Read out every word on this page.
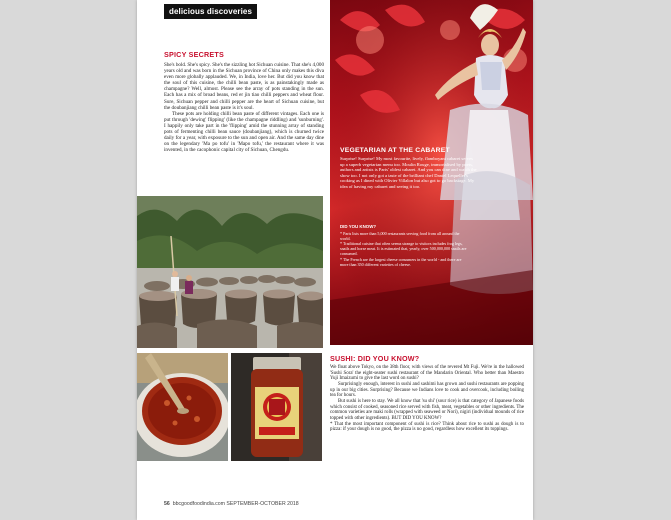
delicious discoveries
SPICY SECRETS

She's bold. She's spicy. She's the sizzling hot Sichuan cuisine. That she's 4,000 years old and was born in the Sichuan province of China only makes this diva even more globally applauded. We, in India, love her. But did you know that the soul of this cuisine, the chilli bean paste, is as painstakingly made as champagne? Well, almost. Please see the array of pots standing in the sun. Each has a mix of broad beans, red er jin tiao chilli peppers and wheat flour. Sure, Sichuan pepper and chilli pepper are the heart of Sichuan cuisine, but the doubanjiang chilli bean paste is it's soul.

These pots are holding chilli bean paste of different vintages. Each one is put through 'dewing' flipping' (like the champagne riddling) and 'sunburning'. I happily only take part in the 'flipping' amid the stunning array of standing pots of fermenting chilli bean sauce (doubanjiang), which is churned twice daily for a year, with exposure to the sun and open air. And the same day dine on the legendary 'Ma po tofu' in 'Mapo tofu,' the restaurant where it was invented, in the cacophonic capital city of Sichuan, Chengdu.	VEGETARIAN AT THE CABARET
Surprise! Surprise! My most favourite, lively, flamboyant cabaret serves up a superb vegetarian menu too. Moulin Rouge, immortalised by poets, authors and artists is Paris' oldest cabaret. And you can dine and watch the show too. I not only got a taste of the brilliant chef Daniel Lequeller's cooking as I dined with Olivier Villalon but also got to go backstage. My idea of having my cabaret and seeing it too.
DID YOU KNOW?
* Paris lists more than 5,000 restaurants serving food from all around the world.
* Traditional cuisine that often seems strange to visitors includes frog legs, snails and horse meat. It is estimated that, yearly, over 500,000,000 snails are consumed.
* The French are the largest cheese consumers in the world - and there are more than 350 different varieties of cheese.
SUSHI: DID YOU KNOW?

We float above Tokyo, on the 38th floor, with views of the revered Mt Fuji. We're in the hallowed 'Sushi Sora' the eight-seater sushi restaurant of the Mandarin Oriental. Who better than Maestro Yuji Imaizumi to give the last word on sushi?

Surprisingly enough, interest in sushi and sashimi has grown and sushi restaurants are popping up in our big cities. Surprising? Because we Indians love to cook and overcook, including boiling tea for hours.

But sushi is here to stay. We all know that 'su shi' (sour rice) is that category of Japanese foods which consist of cooked, seasoned rice served with fish, meat, vegetables or other ingredients. The common varieties are maki rolls (wrapped with seaweed or Nori), nigiri (individual mounds of rice topped with other ingredients). BUT DID YOU KNOW?

* That the most important component of sushi is rice? Think about rice to sushi as dough is to pizza: if your dough is no good, the pizza is no good, regardless how excellent its toppings.

56 bbcgoodfoodindia.com SEPTEMBER-OCTOBER 2018
